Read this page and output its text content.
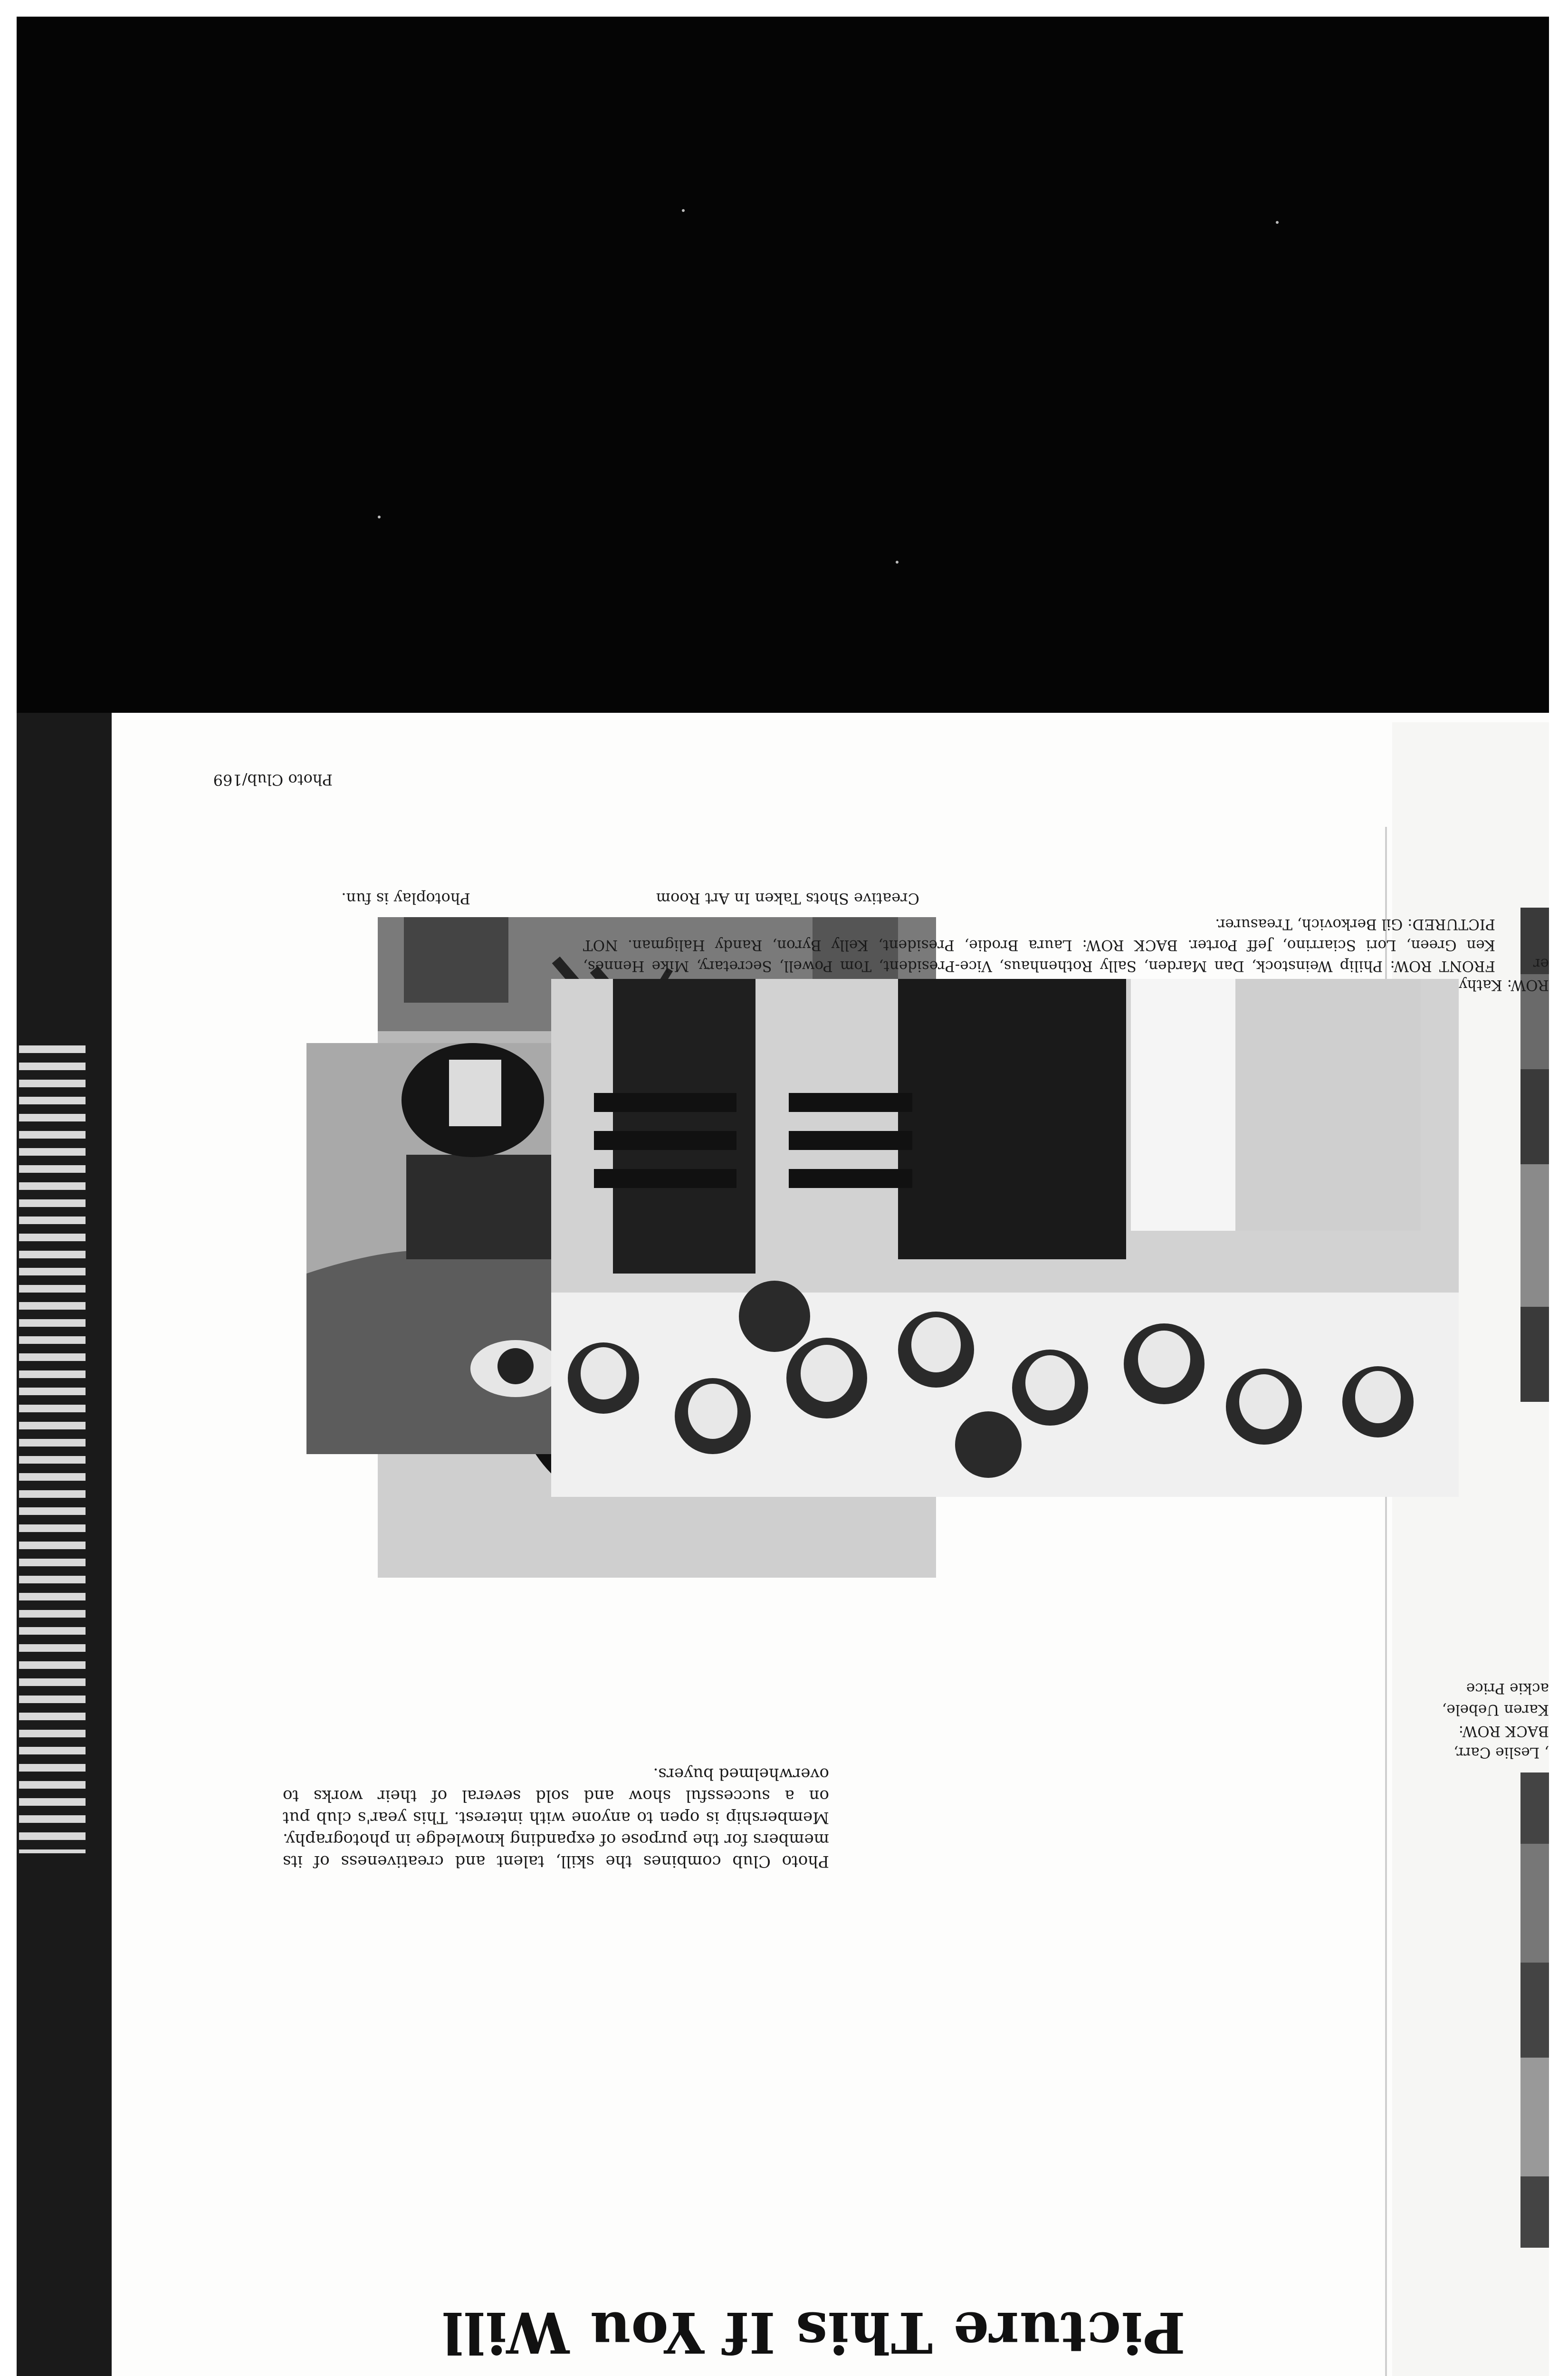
Picture This If You Will
Photo Club combines the skill, talent and creativeness of its members for the purpose of expanding knowledge in photography. Membership is open to anyone with interest. This year's club put on a successful show and sold several of their works to overwhelmed buyers.
Creative Shots Taken In Art Room
Photoplay is fun.

FRONT ROW: Philip Weinstock, Dan Marden, Sally Rothenhaus, Vice-President, Tom Powell, Secretary, Mike Hennes, Ken Green, Lori Sciarrino, Jeff Porter. BACK ROW: Laura Brodie, President, Kelly Byron, Randy Haligman. NOT PICTURED: Gil Berkovich, Treasurer.

Photo Club/169
ROW: Kathy
er
, Leslie Carr,
BACK ROW:
Karen Uebele,
ackie Price
